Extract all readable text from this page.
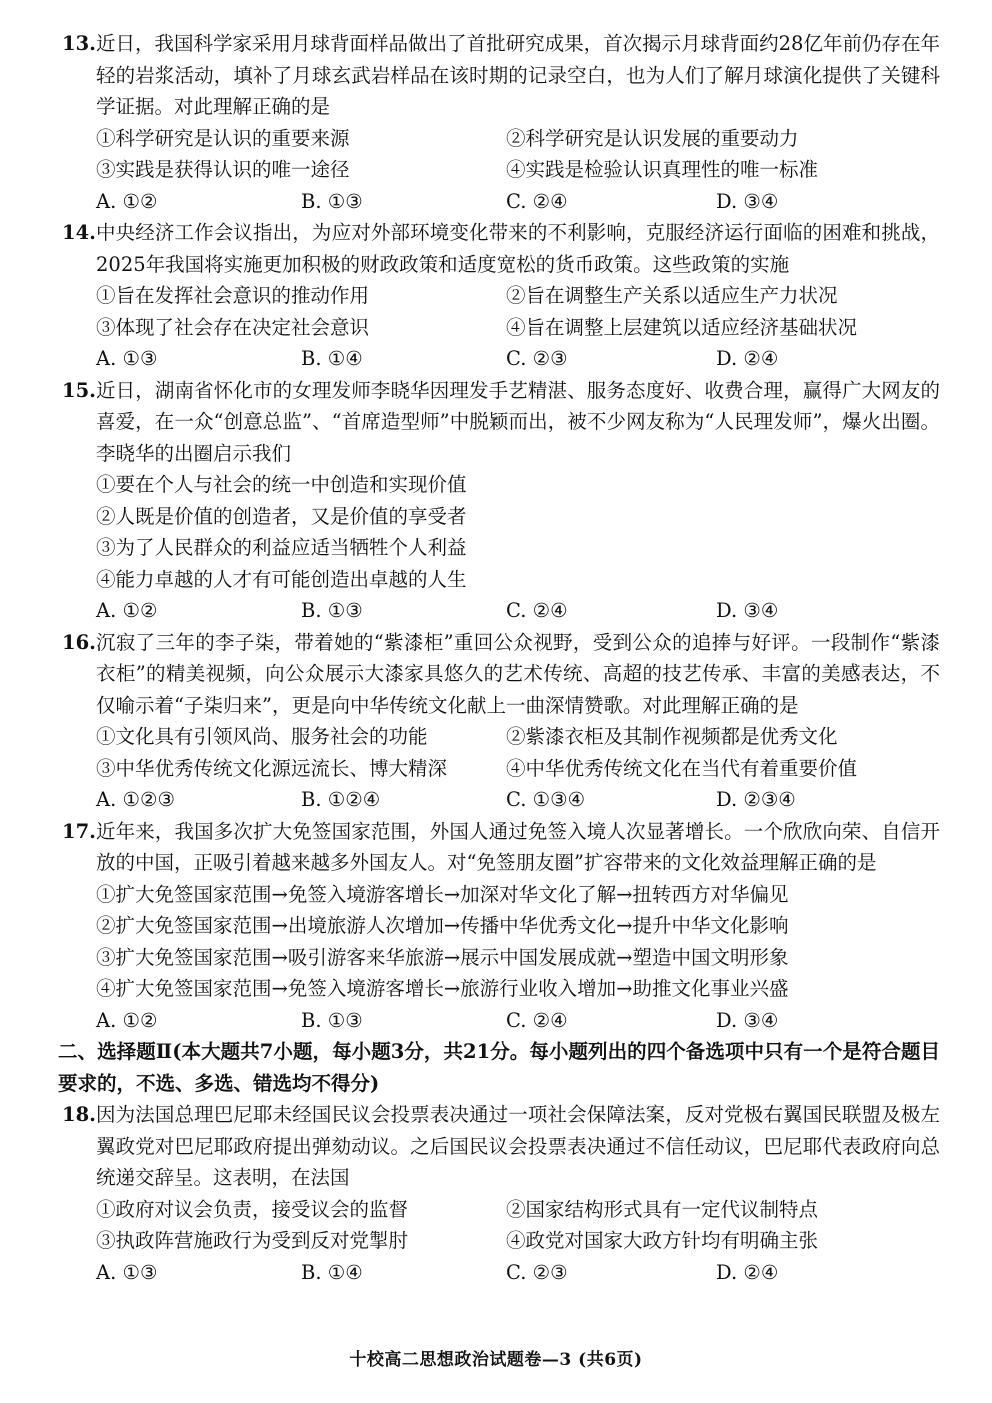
13. 近日，我国科学家采用月球背面样品做出了首批研究成果，首次揭示月球背面约28亿年前仍存在年轻的岩浆活动，填补了月球玄武岩样品在该时期的记录空白，也为人们了解月球演化提供了关键科学证据。对此理解正确的是
①科学研究是认识的重要来源	②科学研究是认识发展的重要动力
③实践是获得认识的唯一途径	④实践是检验认识真理性的唯一标准
A. ①②	B. ①③	C. ②④	D. ③④
14. 中央经济工作会议指出，为应对外部环境变化带来的不利影响，克服经济运行面临的困难和挑战，2025年我国将实施更加积极的财政政策和适度宽松的货币政策。这些政策的实施
①旨在发挥社会意识的推动作用	②旨在调整生产关系以适应生产力状况
③体现了社会存在决定社会意识	④旨在调整上层建筑以适应经济基础状况
A. ①③	B. ①④	C. ②③	D. ②④
15. 近日，湖南省怀化市的女理发师李晓华因理发手艺精湛、服务态度好、收费合理，赢得广大网友的喜爱，在一众“创意总监”、“首席造型师”中脱颖而出，被不少网友称为“人民理发师”，爆火出圈。李晓华的出圈启示我们
①要在个人与社会的统一中创造和实现价值
②人既是价值的创造者，又是价值的享受者
③为了人民群众的利益应适当牺牲个人利益
④能力卓越的人才有可能创造出卓越的人生
A. ①②	B. ①③	C. ②④	D. ③④
16. 沉寂了三年的李子柒，带着她的“紫漆柜”重回公众视野，受到公众的追捧与好评。一段制作“紫漆衣柜”的精美视频，向公众展示大漆家具悠久的艺术传统、高超的技艺传承、丰富的美感表达，不仅喻示着“子柒归来”，更是向中华传统文化献上一曲深情赞歌。对此理解正确的是
①文化具有引领风尚、服务社会的功能	②紫漆衣柜及其制作视频都是优秀文化
③中华优秀传统文化源远流长、博大精深	④中华优秀传统文化在当代有着重要价值
A. ①②③	B. ①②④	C. ①③④	D. ②③④
17. 近年来，我国多次扩大免签国家范围，外国人通过免签入境人次显著增长。一个欣欣向荣、自信开放的中国，正吸引着越来越多外国友人。对“免签朋友圈”扩容带来的文化效益理解正确的是
①扩大免签国家范围→免签入境游客增长→加深对华文化了解→扭转西方对华偏见
②扩大免签国家范围→出境旅游人次增加→传播中华优秀文化→提升中华文化影响
③扩大免签国家范围→吸引游客来华旅游→展示中国发展成就→塑造中国文明形象
④扩大免签国家范围→免签入境游客增长→旅游行业收入增加→助推文化事业兴盛
A. ①②	B. ①③	C. ②④	D. ③④
二、选择题Ⅱ(本大题共7小题，每小题3分，共21分。每小题列出的四个备选项中只有一个是符合题目要求的，不选、多选、错选均不得分)
18. 因为法国总理巴尼耶未经国民议会投票表决通过一项社会保障法案，反对党极右翼国民联盟及极左翼政党对巴尼耶政府提出弹劾动议。之后国民议会投票表决通过不信任动议，巴尼耶代表政府向总统递交辞呈。这表明，在法国
①政府对议会负责，接受议会的监督	②国家结构形式具有一定代议制特点
③执政阵营施政行为受到反对党掣肘	④政党对国家大政方针均有明确主张
A. ①③	B. ①④	C. ②③	D. ②④
十校高二思想政治试题卷—3 (共6页)
